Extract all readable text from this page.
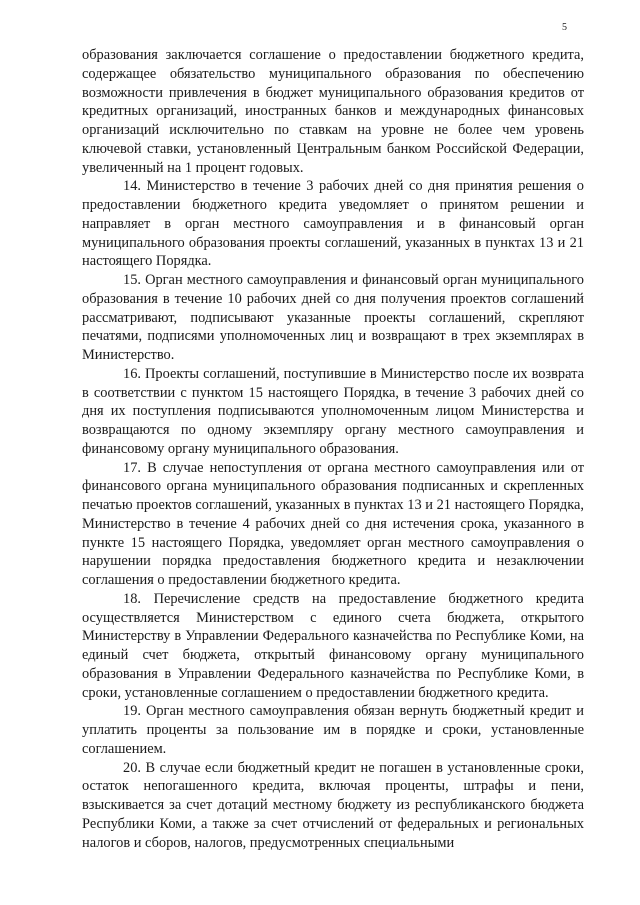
5

образования заключается соглашение о предоставлении бюджетного кредита, содержащее обязательство муниципального образования по обеспечению возможности привлечения в бюджет муниципального образования кредитов от кредитных организаций, иностранных банков и международных финансовых организаций исключительно по ставкам на уровне не более чем уровень ключевой ставки, установленный Центральным банком Российской Федерации, увеличенный на 1 процент годовых.

14. Министерство в течение 3 рабочих дней со дня принятия решения о предоставлении бюджетного кредита уведомляет о принятом решении и направляет в орган местного самоуправления и в финансовый орган муниципального образования проекты соглашений, указанных в пунктах 13 и 21 настоящего Порядка.

15. Орган местного самоуправления и финансовый орган муниципального образования в течение 10 рабочих дней со дня получения проектов соглашений рассматривают, подписывают указанные проекты соглашений, скрепляют печатями, подписями уполномоченных лиц и возвращают в трех экземплярах в Министерство.

16. Проекты соглашений, поступившие в Министерство после их возврата в соответствии с пунктом 15 настоящего Порядка, в течение 3 рабочих дней со дня их поступления подписываются уполномоченным лицом Министерства и возвращаются по одному экземпляру органу местного самоуправления и финансовому органу муниципального образования.

17. В случае непоступления от органа местного самоуправления или от финансового органа муниципального образования подписанных и скрепленных печатью проектов соглашений, указанных в пунктах 13 и 21 настоящего Порядка, Министерство в течение 4 рабочих дней со дня истечения срока, указанного в пункте 15 настоящего Порядка, уведомляет орган местного самоуправления о нарушении порядка предоставления бюджетного кредита и незаключении соглашения о предоставлении бюджетного кредита.

18. Перечисление средств на предоставление бюджетного кредита осуществляется Министерством с единого счета бюджета, открытого Министерству в Управлении Федерального казначейства по Республике Коми, на единый счет бюджета, открытый финансовому органу муниципального образования в Управлении Федерального казначейства по Республике Коми, в сроки, установленные соглашением о предоставлении бюджетного кредита.

19. Орган местного самоуправления обязан вернуть бюджетный кредит и уплатить проценты за пользование им в порядке и сроки, установленные соглашением.

20. В случае если бюджетный кредит не погашен в установленные сроки, остаток непогашенного кредита, включая проценты, штрафы и пени, взыскивается за счет дотаций местному бюджету из республиканского бюджета Республики Коми, а также за счет отчислений от федеральных и региональных налогов и сборов, налогов, предусмотренных специальными
